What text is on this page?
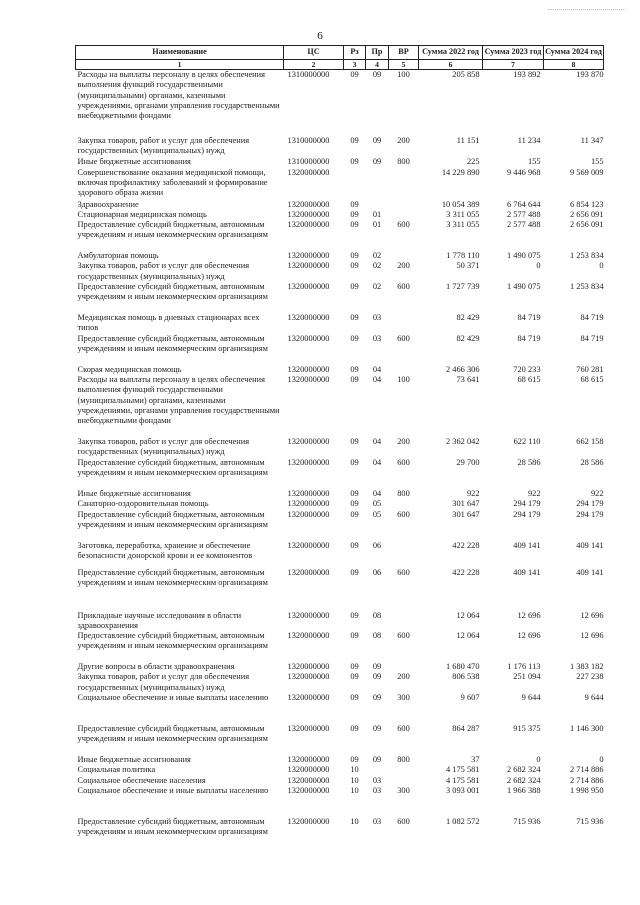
6
Наименование	ЦС	Рз	Пр	ВР	Сумма 2022 год	Сумма 2023 год	Сумма 2024 год
1	2	3	4	5	6	7	8
Расходы на выплаты персоналу в целях обеспечения выполнения функций государственными (муниципальными) органами, казенными учреждениями, органами управления государственными внебюджетными фондами	1310000000	09	09	100	205 858	193 892	193 870
Закупка товаров, работ и услуг для обеспечения государственных (муниципальных) нужд	1310000000	09	09	200	11 151	11 234	11 347
Иные бюджетные ассигнования	1310000000	09	09	800	225	155	155
Совершенствование оказания медицинской помощи, включая профилактику заболеваний и формирование здорового образа жизни	1320000000				14 229 890	9 446 968	9 569 009
Здравоохранение	1320000000	09			10 054 389	6 764 644	6 854 123
Стационарная медицинская помощь	1320000000	09	01		3 311 055	2 577 488	2 656 091
Предоставление субсидий бюджетным, автономным учреждениям и иным некоммерческим организациям	1320000000	09	01	600	3 311 055	2 577 488	2 656 091
Амбулаторная помощь	1320000000	09	02		1 778 110	1 490 075	1 253 834
Закупка товаров, работ и услуг для обеспечения государственных (муниципальных) нужд	1320000000	09	02	200	50 371	0	0
Предоставление субсидий бюджетным, автономным учреждениям и иным некоммерческим организациям	1320000000	09	02	600	1 727 739	1 490 075	1 253 834
Медицинская помощь в дневных стационарах всех типов	1320000000	09	03		82 429	84 719	84 719
Предоставление субсидий бюджетным, автономным учреждениям и иным некоммерческим организациям	1320000000	09	03	600	82 429	84 719	84 719
Скорая медицинская помощь	1320000000	09	04		2 466 306	720 233	760 281
Расходы на выплаты персоналу в целях обеспечения выполнения функций государственными (муниципальными) органами, казенными учреждениями, органами управления государственными внебюджетными фондами	1320000000	09	04	100	73 641	68 615	68 615
Закупка товаров, работ и услуг для обеспечения государственных (муниципальных) нужд	1320000000	09	04	200	2 362 042	622 110	662 158
Предоставление субсидий бюджетным, автономным учреждениям и иным некоммерческим организациям	1320000000	09	04	600	29 700	28 586	28 586
Иные бюджетные ассигнования	1320000000	09	04	800	922	922	922
Санаторно-оздоровительная помощь	1320000000	09	05		301 647	294 179	294 179
Предоставление субсидий бюджетным, автономным учреждениям и иным некоммерческим организациям	1320000000	09	05	600	301 647	294 179	294 179
Заготовка, переработка, хранение и обеспечение безопасности донорской крови и ее компонентов	1320000000	09	06		422 228	409 141	409 141
Предоставление субсидий бюджетным, автономным учреждениям и иным некоммерческим организациям	1320000000	09	06	600	422 228	409 141	409 141
Прикладные научные исследования в области здравоохранения	1320000000	09	08		12 064	12 696	12 696
Предоставление субсидий бюджетным, автономным учреждениям и иным некоммерческим организациям	1320000000	09	08	600	12 064	12 696	12 696
Другие вопросы в области здравоохранения	1320000000	09	09		1 680 470	1 176 113	1 383 182
Закупка товаров, работ и услуг для обеспечения государственных (муниципальных) нужд	1320000000	09	09	200	806 538	251 094	227 238
Социальное обеспечение и иные выплаты населению	1320000000	09	09	300	9 607	9 644	9 644
Предоставление субсидий бюджетным, автономным учреждениям и иным некоммерческим организациям	1320000000	09	09	600	864 287	915 375	1 146 300
Иные бюджетные ассигнования	1320000000	09	09	800	37	0	0
Социальная политика	1320000000	10			4 175 581	2 682 324	2 714 886
Социальное обеспечение населения	1320000000	10	03		4 175 581	2 682 324	2 714 886
Социальное обеспечение и иные выплаты населению	1320000000	10	03	300	3 093 001	1 966 388	1 998 950
Предоставление субсидий бюджетным, автономным учреждениям и иным некоммерческим организациям	1320000000	10	03	600	1 082 572	715 936	715 936
